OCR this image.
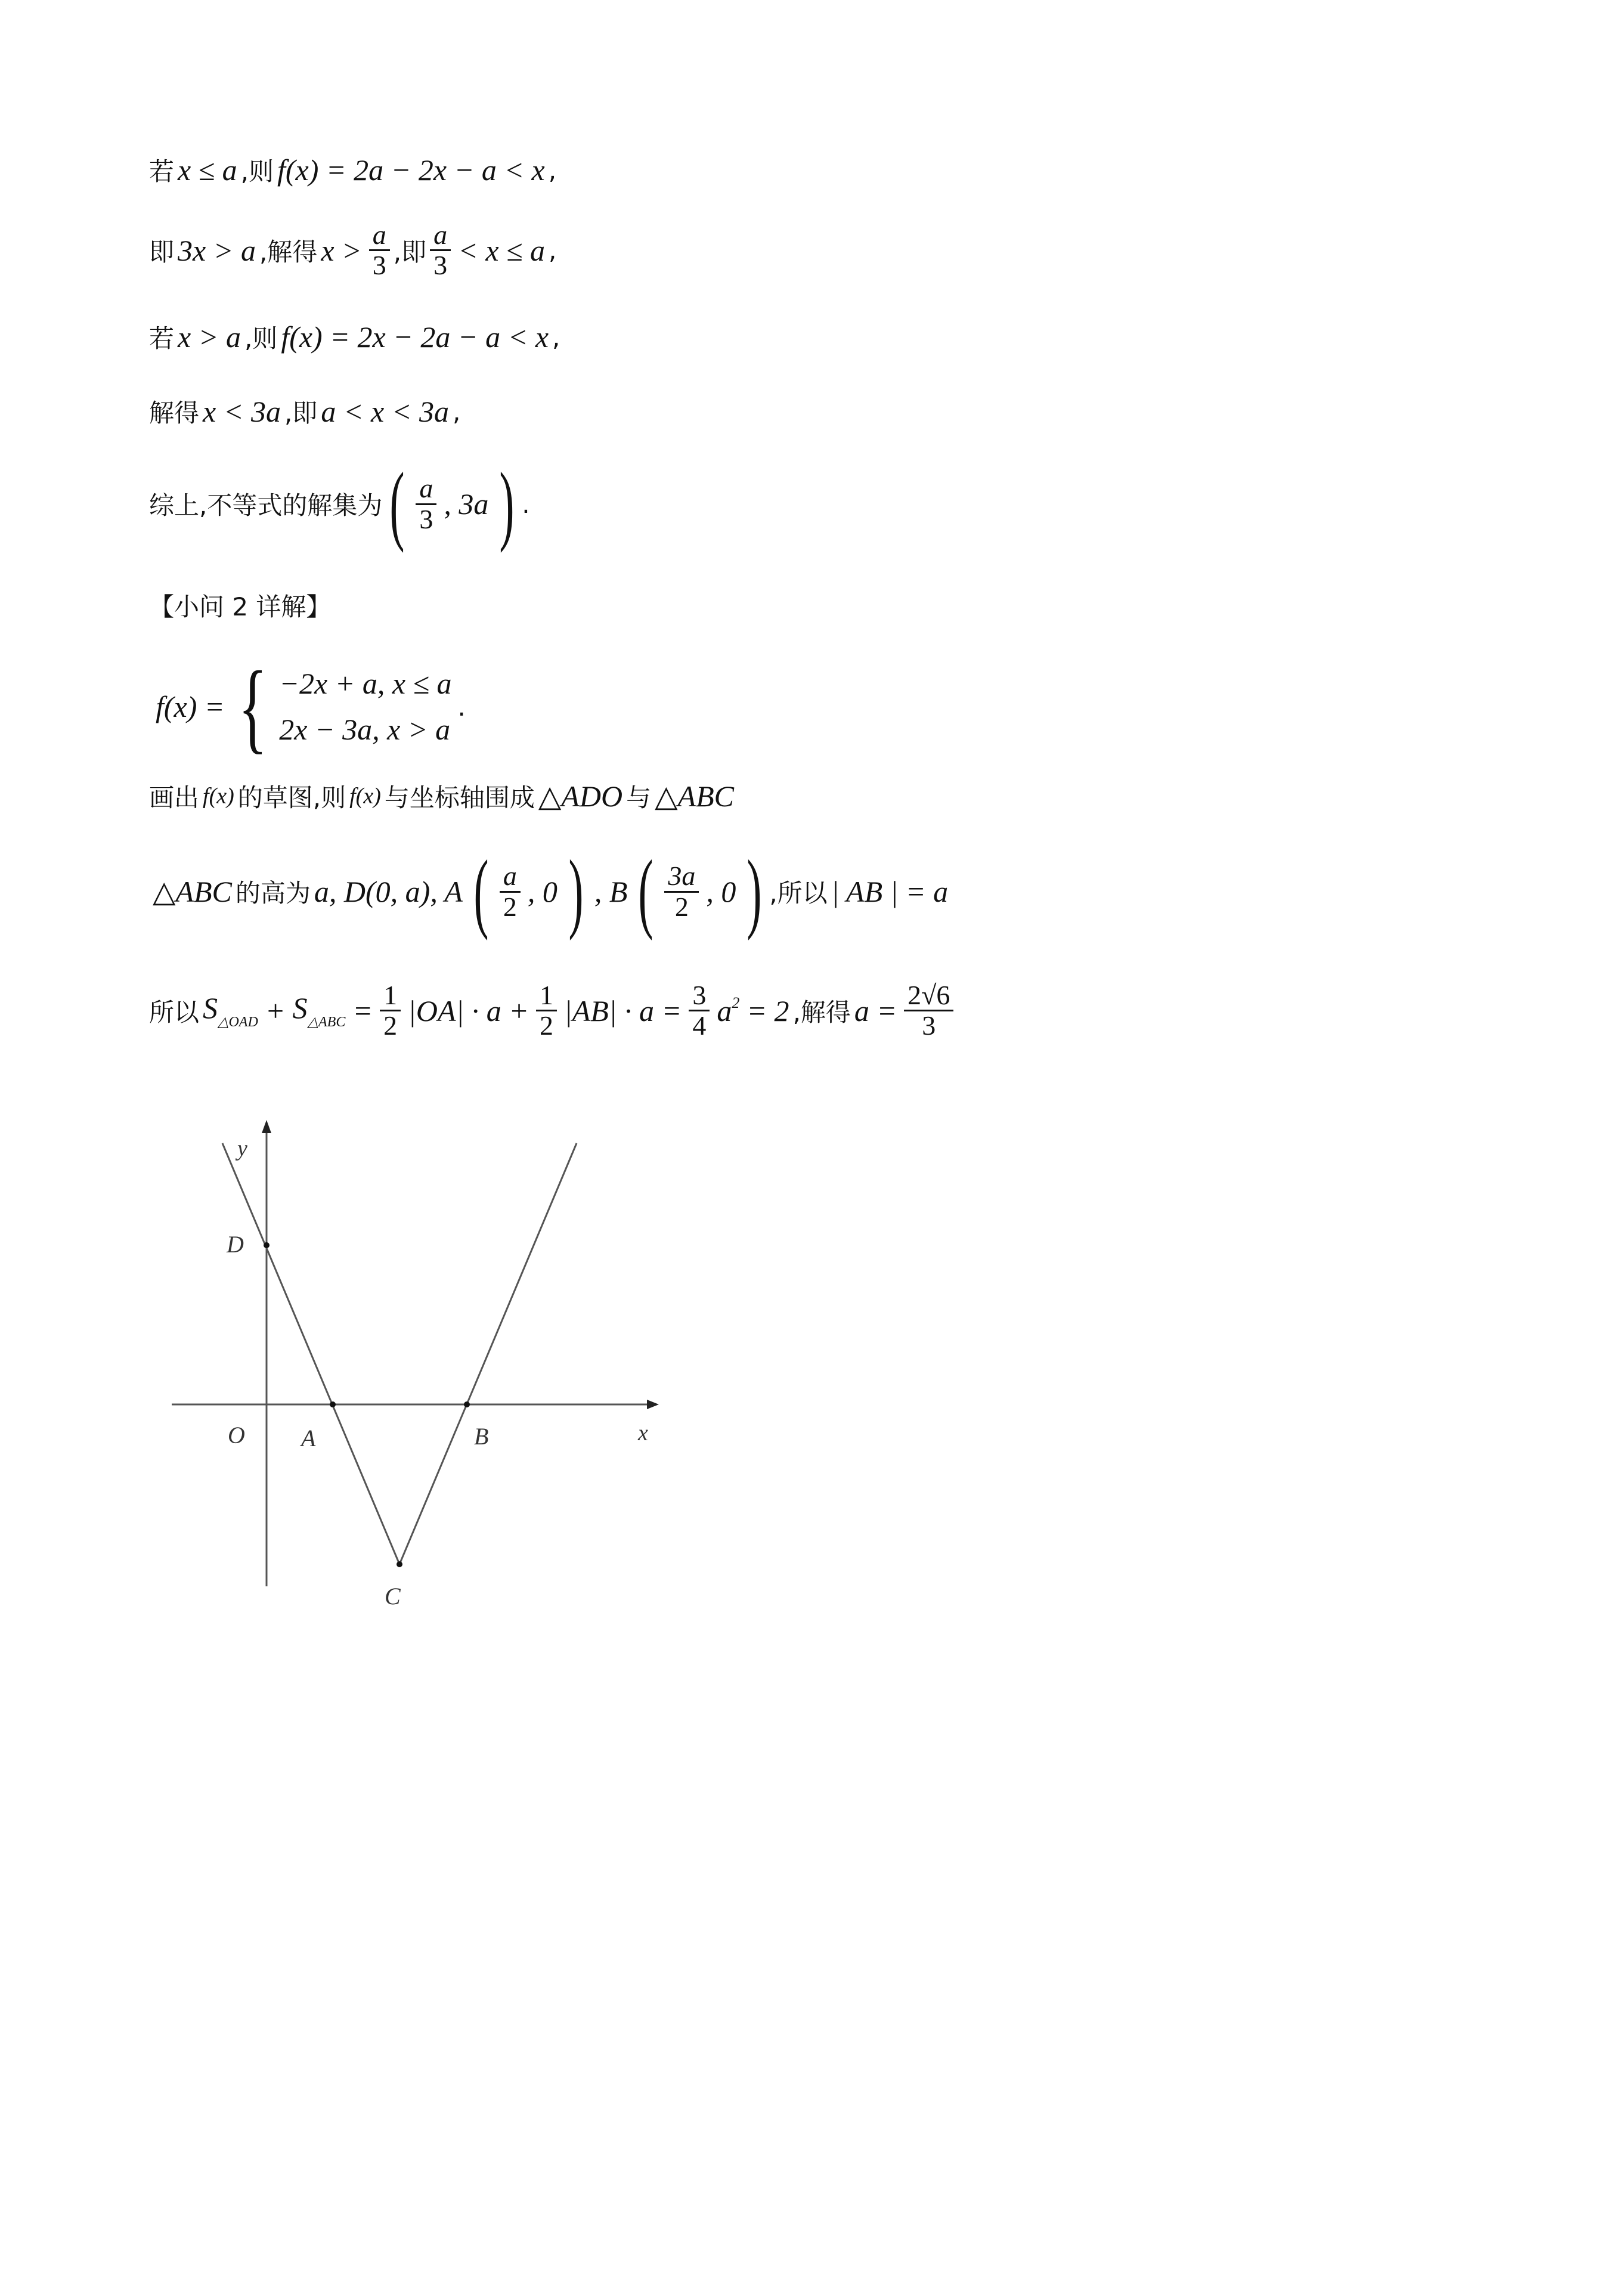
若 x ≤ a ,则 f(x) = 2a − 2x − a < x ,
即 3x > a ,解得 $x > \frac{a}{3}$ ,即 $\frac{a}{3} < x \le a$ ,
若 x > a ,则 f(x) = 2x − 2a − a < x ,
解得 x < 3a ,即 a < x < 3a ,
综上,不等式的解集为 ( $\frac{a}{3}$ , 3a ) .
【小问 2 详解】
f(x) = { −2x + a, x ≤ a
2x − 3a, x > a
.
画出 f(x) 的草图,则 f(x) 与坐标轴围成 △ADO 与 △ABC
△ABC 的高为 a, D(0, a), A ( $\frac{a}{2}$ , 0 ) , B ( $\frac{3a}{2}$ , 0 ) ,所以 | AB | = a
所以 $S_{\triangle OAD} + S_{\triangle ABC} = \frac{1}{2} |OA| \cdot a + \frac{1}{2} |AB| \cdot a = \frac{3}{4} a^2 = 2$ ,解得 $a = \frac{2√6}{3}$
y
x
D
O A	B
C
